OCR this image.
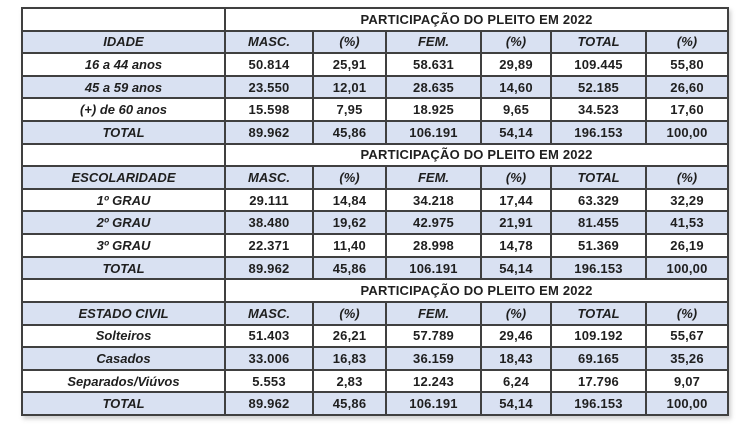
	PARTICIPAÇÃO DO PLEITO EM 2022					
IDADE	MASC.	(%)	FEM.	(%)	TOTAL	(%)
16 a 44 anos	50.814	25,91	58.631	29,89	109.445	55,80
45 a 59 anos	23.550	12,01	28.635	14,60	52.185	26,60
(+) de 60 anos	15.598	7,95	18.925	9,65	34.523	17,60
TOTAL	89.962	45,86	106.191	54,14	196.153	100,00
	PARTICIPAÇÃO DO PLEITO EM 2022					
ESCOLARIDADE	MASC.	(%)	FEM.	(%)	TOTAL	(%)
1º GRAU	29.111	14,84	34.218	17,44	63.329	32,29
2º GRAU	38.480	19,62	42.975	21,91	81.455	41,53
3º GRAU	22.371	11,40	28.998	14,78	51.369	26,19
TOTAL	89.962	45,86	106.191	54,14	196.153	100,00
	PARTICIPAÇÃO DO PLEITO EM 2022					
ESTADO CIVIL	MASC.	(%)	FEM.	(%)	TOTAL	(%)
Solteiros	51.403	26,21	57.789	29,46	109.192	55,67
Casados	33.006	16,83	36.159	18,43	69.165	35,26
Separados/Viúvos	5.553	2,83	12.243	6,24	17.796	9,07
TOTAL	89.962	45,86	106.191	54,14	196.153	100,00
